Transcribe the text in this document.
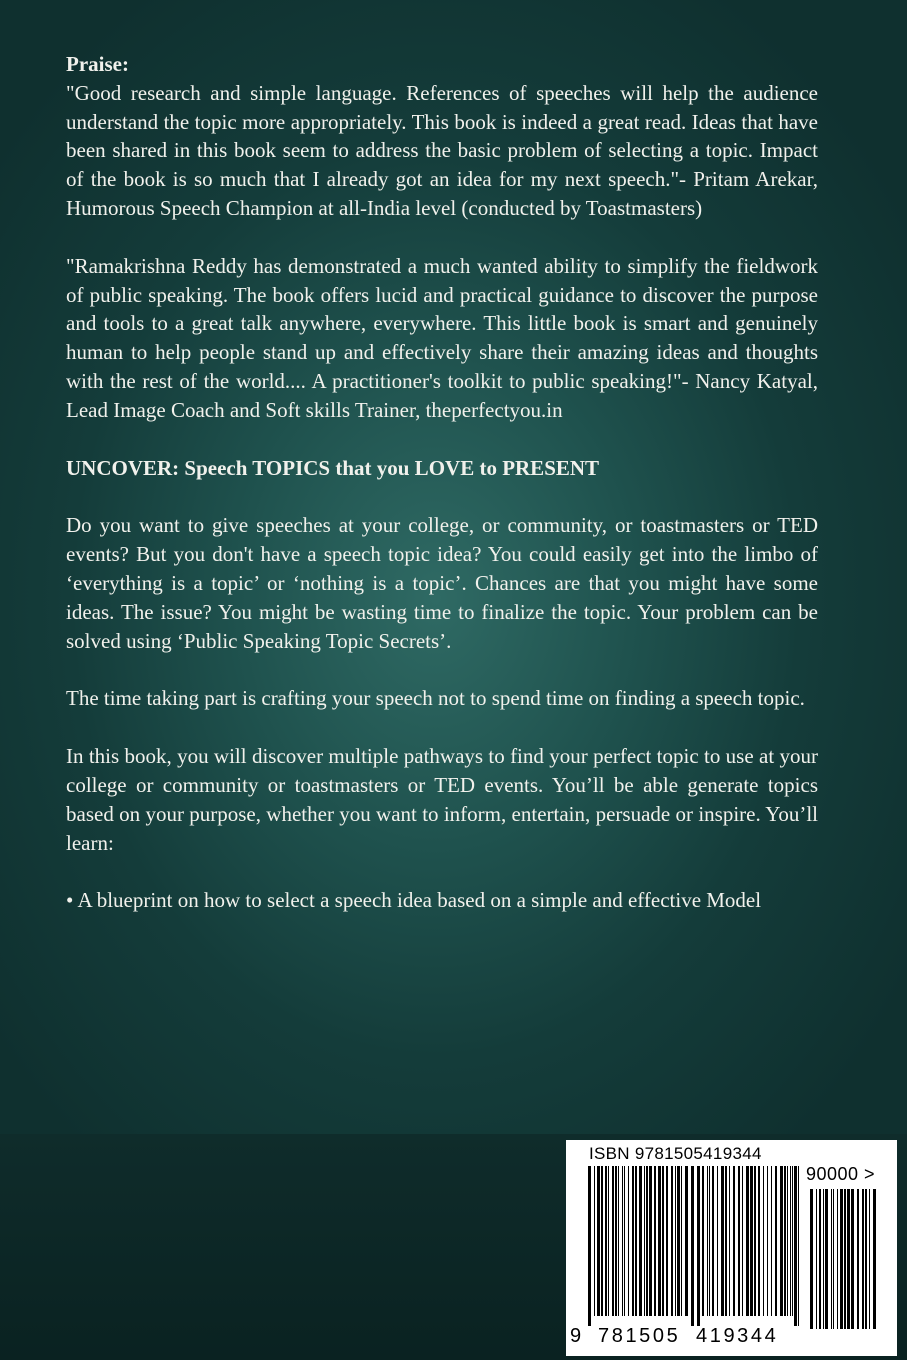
Praise:

"Good research and simple language. References of speeches will help the audience understand the topic more appropriately. This book is indeed a great read. Ideas that have been shared in this book seem to address the basic problem of selecting a topic. Impact of the book is so much that I already got an idea for my next speech."- Pritam Arekar, Humorous Speech Champion at all-India level (conducted by Toastmasters)

"Ramakrishna Reddy has demonstrated a much wanted ability to simplify the fieldwork of public speaking. The book offers lucid and practical guidance to discover the purpose and tools to a great talk anywhere, everywhere. This little book is smart and genuinely human to help people stand up and effectively share their amazing ideas and thoughts with the rest of the world.... A practitioner's toolkit to public speaking!"- Nancy Katyal, Lead Image Coach and Soft skills Trainer, theperfectyou.in

UNCOVER: Speech TOPICS that you LOVE to PRESENT

Do you want to give speeches at your college, or community, or toastmasters or TED events? But you don't have a speech topic idea? You could easily get into the limbo of ‘everything is a topic’ or ‘nothing is a topic’. Chances are that you might have some ideas. The issue? You might be wasting time to finalize the topic. Your problem can be solved using ‘Public Speaking Topic Secrets’.

The time taking part is crafting your speech not to spend time on finding a speech topic.

In this book, you will discover multiple pathways to find your perfect topic to use at your college or community or toastmasters or TED events. You’ll be able generate topics based on your purpose, whether you want to inform, entertain, persuade or inspire. You’ll learn:

• A blueprint on how to select a speech idea based on a simple and effective Model

ISBN 9781505419344
90000 >
9 781505 419344
